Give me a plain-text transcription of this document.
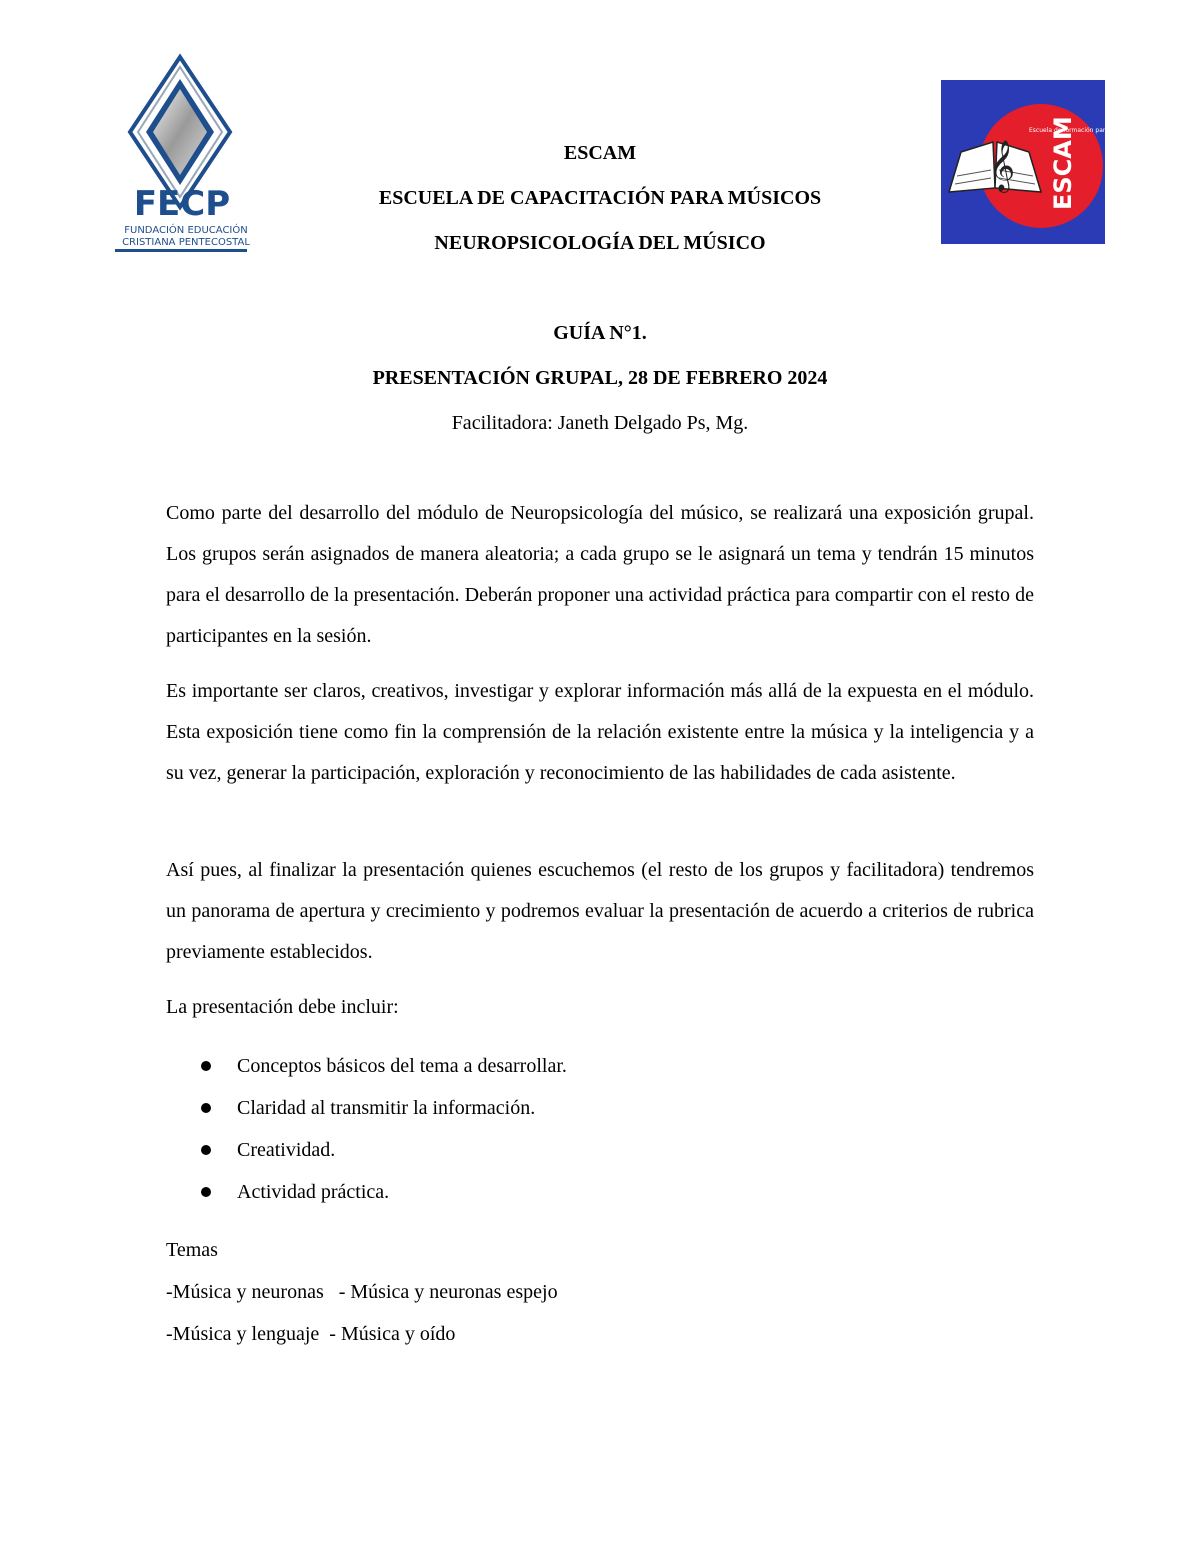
FECP
FUNDACIÓN EDUCACIÓN
CRISTIANA PENTECOSTAL
𝄞 ESCAM
Escuela de formación para músicos
ESCAM
ESCUELA DE CAPACITACIÓN PARA MÚSICOS
NEUROPSICOLOGÍA DEL MÚSICO
GUÍA N°1.
PRESENTACIÓN GRUPAL, 28 DE FEBRERO 2024
Facilitadora: Janeth Delgado Ps, Mg.

Como parte del desarrollo del módulo de Neuropsicología del músico, se realizará una exposición grupal. Los grupos serán asignados de manera aleatoria; a cada grupo se le asignará un tema y tendrán 15 minutos para el desarrollo de la presentación. Deberán proponer una actividad práctica para compartir con el resto de participantes en la sesión.

Es importante ser claros, creativos, investigar y explorar información más allá de la expuesta en el módulo. Esta exposición tiene como fin la comprensión de la relación existente entre la música y la inteligencia y a su vez, generar la participación, exploración y reconocimiento de las habilidades de cada asistente.

Así pues, al finalizar la presentación quienes escuchemos (el resto de los grupos y facilitadora) tendremos un panorama de apertura y crecimiento y podremos evaluar la presentación de acuerdo a criterios de rubrica previamente establecidos.

La presentación debe incluir:

Conceptos básicos del tema a desarrollar.
Claridad al transmitir la información.
Creatividad.
Actividad práctica.
Temas
-Música y neuronas   - Música y neuronas espejo
-Música y lenguaje  - Música y oído
